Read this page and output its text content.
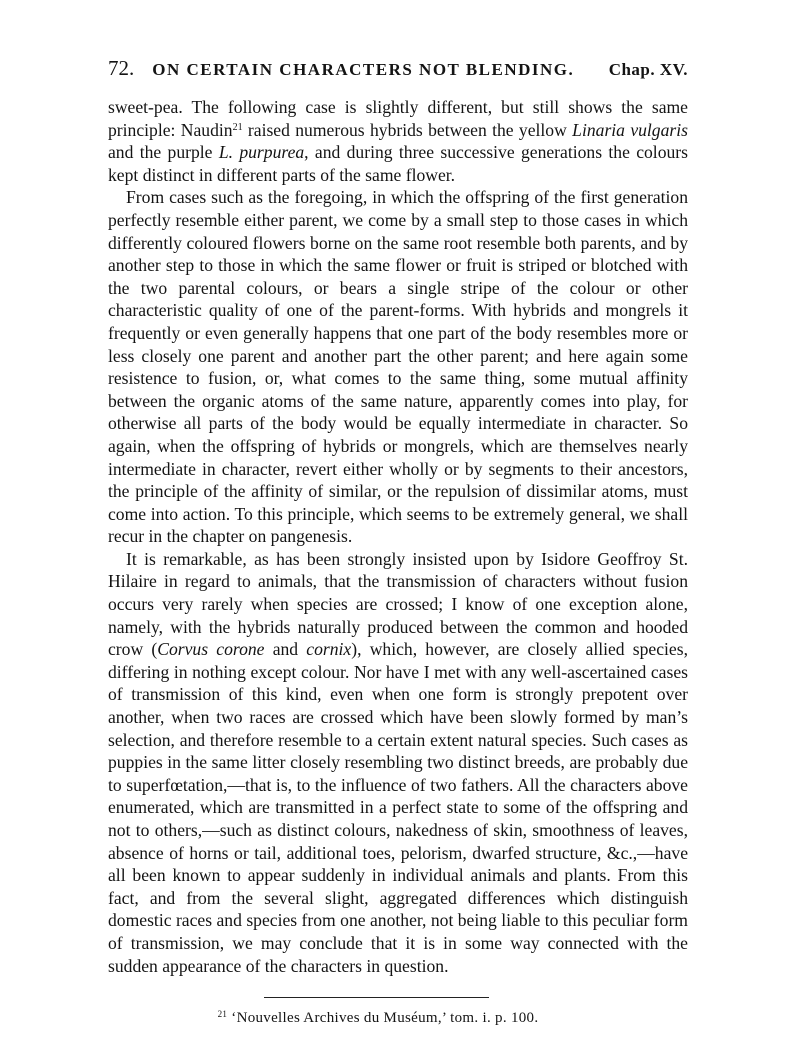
72. ON CERTAIN CHARACTERS NOT BLENDING.	Chap. XV.

sweet-pea. The following case is slightly different, but still shows the same principle: Naudin$^{21}$ raised numerous hybrids between the yellow Linaria vulgaris and the purple L. purpurea, and during three successive generations the colours kept distinct in different parts of the same flower.

From cases such as the foregoing, in which the offspring of the first generation perfectly resemble either parent, we come by a small step to those cases in which differently coloured flowers borne on the same root resemble both parents, and by another step to those in which the same flower or fruit is striped or blotched with the two parental colours, or bears a single stripe of the colour or other characteristic quality of one of the parent-forms. With hybrids and mongrels it frequently or even generally happens that one part of the body resembles more or less closely one parent and another part the other parent; and here again some resistence to fusion, or, what comes to the same thing, some mutual affinity between the organic atoms of the same nature, apparently comes into play, for otherwise all parts of the body would be equally intermediate in character. So again, when the offspring of hybrids or mongrels, which are themselves nearly intermediate in character, revert either wholly or by segments to their ancestors, the principle of the affinity of similar, or the repulsion of dissimilar atoms, must come into action. To this principle, which seems to be extremely general, we shall recur in the chapter on pangenesis.

It is remarkable, as has been strongly insisted upon by Isidore Geoffroy St. Hilaire in regard to animals, that the transmission of characters without fusion occurs very rarely when species are crossed; I know of one exception alone, namely, with the hybrids naturally produced between the common and hooded crow (Corvus corone and cornix), which, however, are closely allied species, differing in nothing except colour. Nor have I met with any well-ascertained cases of transmission of this kind, even when one form is strongly prepotent over another, when two races are crossed which have been slowly formed by man’s selection, and therefore resemble to a certain extent natural species. Such cases as puppies in the same litter closely resembling two distinct breeds, are probably due to superfœtation,—that is, to the influence of two fathers. All the characters above enumerated, which are transmitted in a perfect state to some of the offspring and not to others,—such as distinct colours, nakedness of skin, smoothness of leaves, absence of horns or tail, additional toes, pelorism, dwarfed structure, &c.,—have all been known to appear suddenly in individual animals and plants. From this fact, and from the several slight, aggregated differences which distinguish domestic races and species from one another, not being liable to this peculiar form of transmission, we may conclude that it is in some way connected with the sudden appearance of the characters in question.

$^{21}$ ‘Nouvelles Archives du Muséum,’ tom. i. p. 100.
